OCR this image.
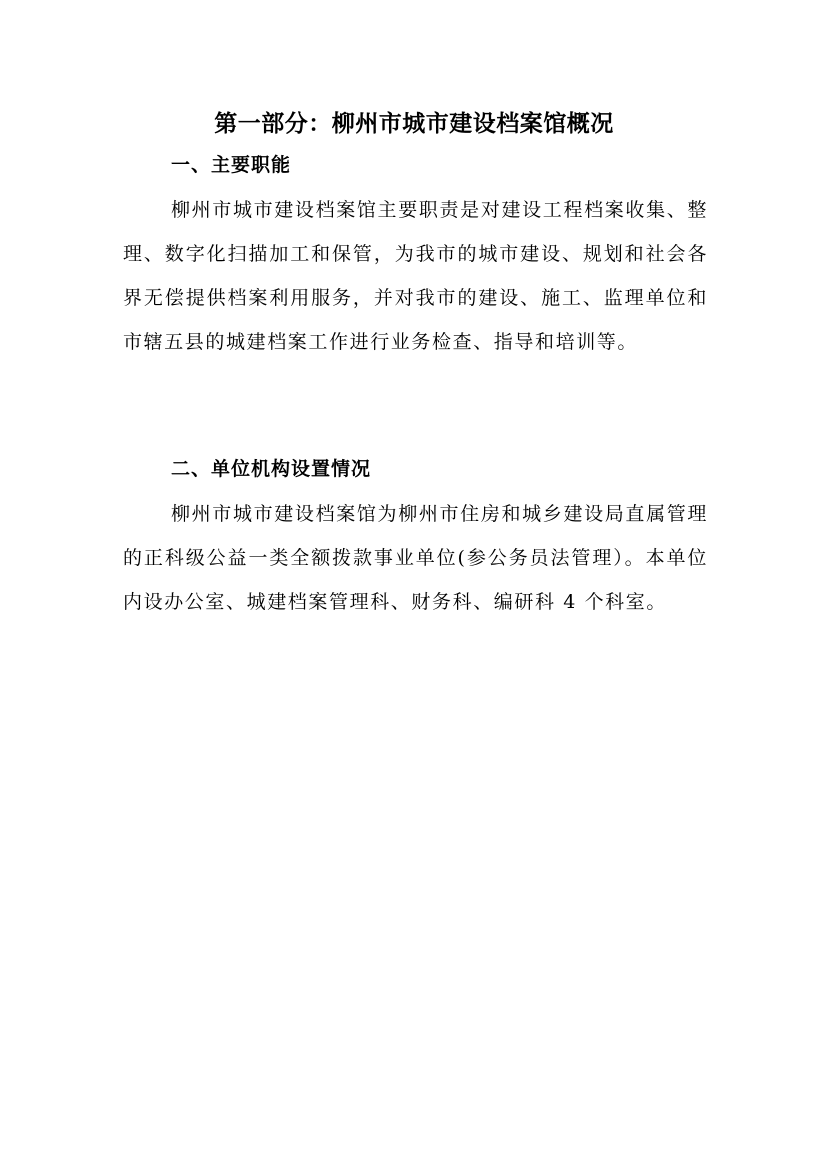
第一部分：柳州市城市建设档案馆概况
一、主要职能

柳州市城市建设档案馆主要职责是对建设工程档案收集、整理、数字化扫描加工和保管，为我市的城市建设、规划和社会各界无偿提供档案利用服务，并对我市的建设、施工、监理单位和市辖五县的城建档案工作进行业务检查、指导和培训等。

二、单位机构设置情况

柳州市城市建设档案馆为柳州市住房和城乡建设局直属管理的正科级公益一类全额拨款事业单位(参公务员法管理）。本单位内设办公室、城建档案管理科、财务科、编研科 4 个科室。
